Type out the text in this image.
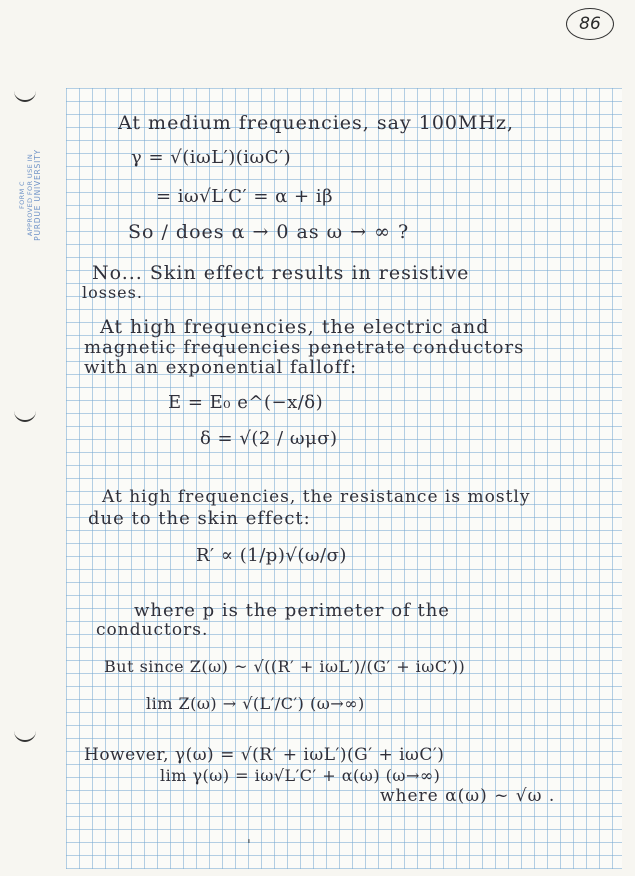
86
FORM C APPROVED FOR USE IN PURDUE UNIVERSITY
At medium frequencies, say 100MHz,
γ = √(iωL′)(iωC′)
= iω√L′C′ = α + iβ
So / does α → 0 as ω → ∞ ?
No... Skin effect results in resistive
losses.
At high frequencies, the electric and
magnetic frequencies penetrate conductors
with an exponential falloff:
E = E₀ e^(−x/δ)
δ = √(2 / ωμσ)
At high frequencies, the resistance is mostly
due to the skin effect:
R′ ∝ (1/p)√(ω/σ)
where p is the perimeter of the
conductors.
But since Z(ω) ~ √((R′ + iωL′)/(G′ + iωC′))
lim Z(ω) → √(L′/C′) (ω→∞)
However, γ(ω) = √(R′ + iωL′)(G′ + iωC′)
lim γ(ω) = iω√L′C′ + α(ω) (ω→∞)
where α(ω) ~ √ω .
ˈ
